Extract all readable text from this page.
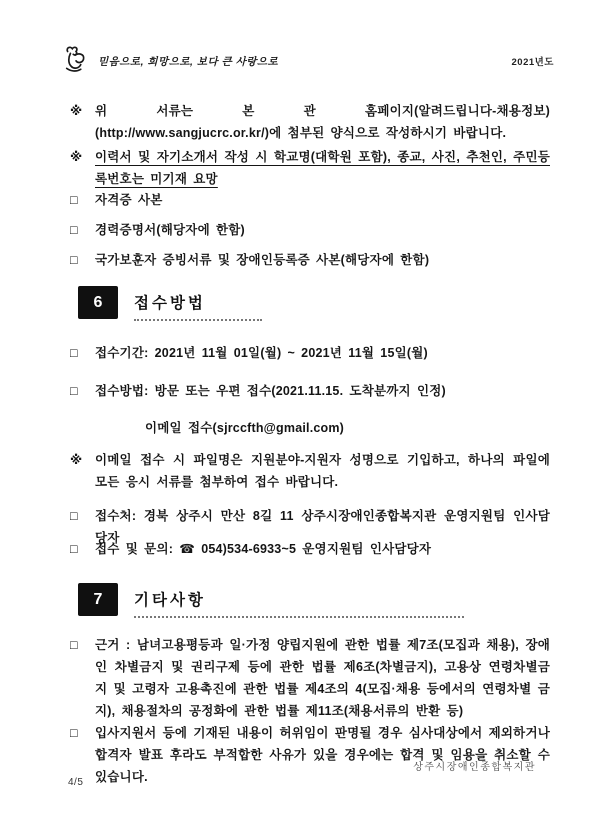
믿음으로, 희망으로, 보다 큰 사랑으로	2021년도
※	위 서류는 본 관 홈페이지(알려드립니다-채용정보)(http://www.sangjucrc.or.kr/)에 첨부된 양식으로 작성하시기 바랍니다.
※	이력서 및 자기소개서 작성 시 학교명(대학원 포함), 종교, 사진, 추천인, 주민등록번호는 미기재 요망
□	자격증 사본
□	경력증명서(해당자에 한함)
□	국가보훈자 증빙서류 및 장애인등록증 사본(해당자에 한함)
6	접수방법
□	접수기간: 2021년 11월 01일(월) ~ 2021년 11월 15일(월)
□	접수방법: 방문 또는 우편 접수(2021.11.15. 도착분까지 인정)
이메일 접수(sjrccfth@gmail.com)
※	이메일 접수 시 파일명은 지원분야-지원자 성명으로 기입하고, 하나의 파일에 모든 응시 서류를 첨부하여 접수 바랍니다.
□	접수처: 경북 상주시 만산 8길 11 상주시장애인종합복지관 운영지원팀 인사담당자
□	접수 및 문의: ☎ 054)534-6933~5 운영지원팀 인사담당자
7	기타사항
□	근거 : 남녀고용평등과 일·가정 양립지원에 관한 법률 제7조(모집과 채용), 장애인 차별금지 및 권리구제 등에 관한 법률 제6조(차별금지), 고용상 연령차별금지 및 고령자 고용촉진에 관한 법률 제4조의 4(모집·채용 등에서의 연령차별 금지), 채용절차의 공정화에 관한 법률 제11조(채용서류의 반환 등)
□	입사지원서 등에 기재된 내용이 허위임이 판명될 경우 심사대상에서 제외하거나 합격자 발표 후라도 부적합한 사유가 있을 경우에는 합격 및 임용을 취소할 수 있습니다.
상주시장애인종합복지관
4/5
